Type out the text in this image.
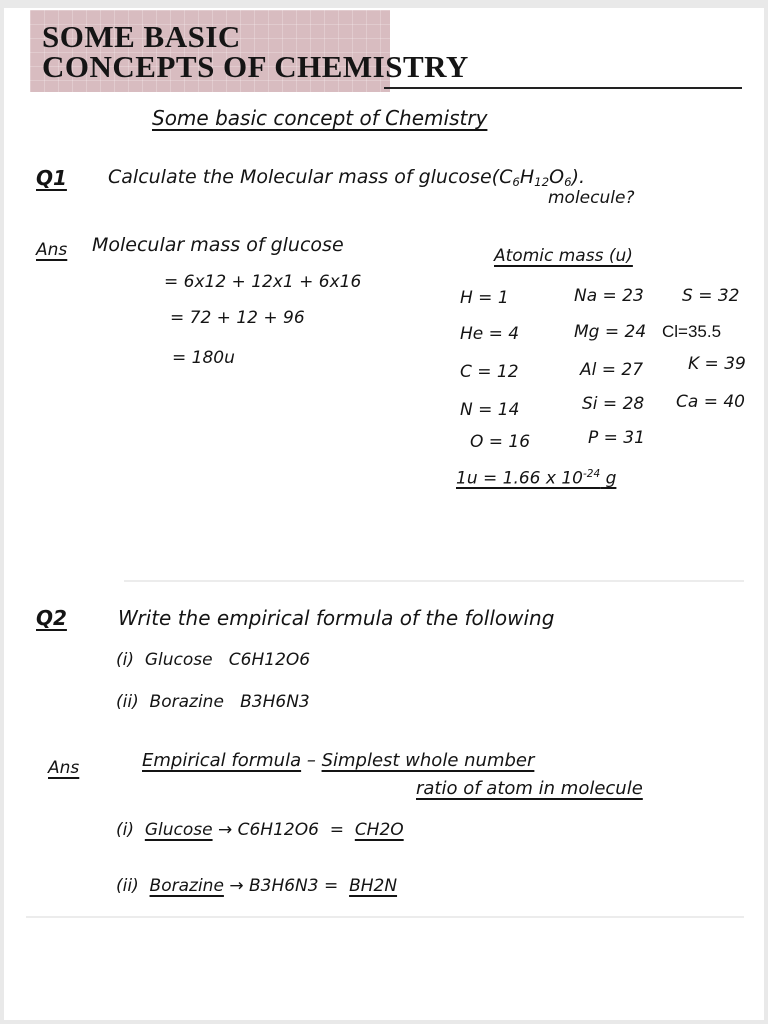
SOME BASIC
CONCEPTS OF CHEMISTRY
Some basic concept of Chemistry
Q1 Calculate the Molecular mass of $glucose(C_6H_{12}O_6)$.
molecule?
Ans Molecular mass of glucose
= 6x12 + 12x1 + 6x16
= 72 + 12 + 96
= 180u
Atomic mass (u)
H = 1
He = 4
C = 12
N = 14
O = 16
Na = 23
Mg = 24
Al = 27
Si = 28
P = 31
S = 32
Cl=35.5
K = 39
Ca = 40
1u = 1.66 x $10^{-24}$ g
Q2	Write the empirical formula of the following
(i)  Glucose C6H12O6
(ii)  Borazine B3H6N3
Ans	Empirical formula – Simplest whole number
ratio of atom in molecule
(i)  Glucose → C6H12O6 = CH2O
(ii)  Borazine → B3H6N3 = BH2N
